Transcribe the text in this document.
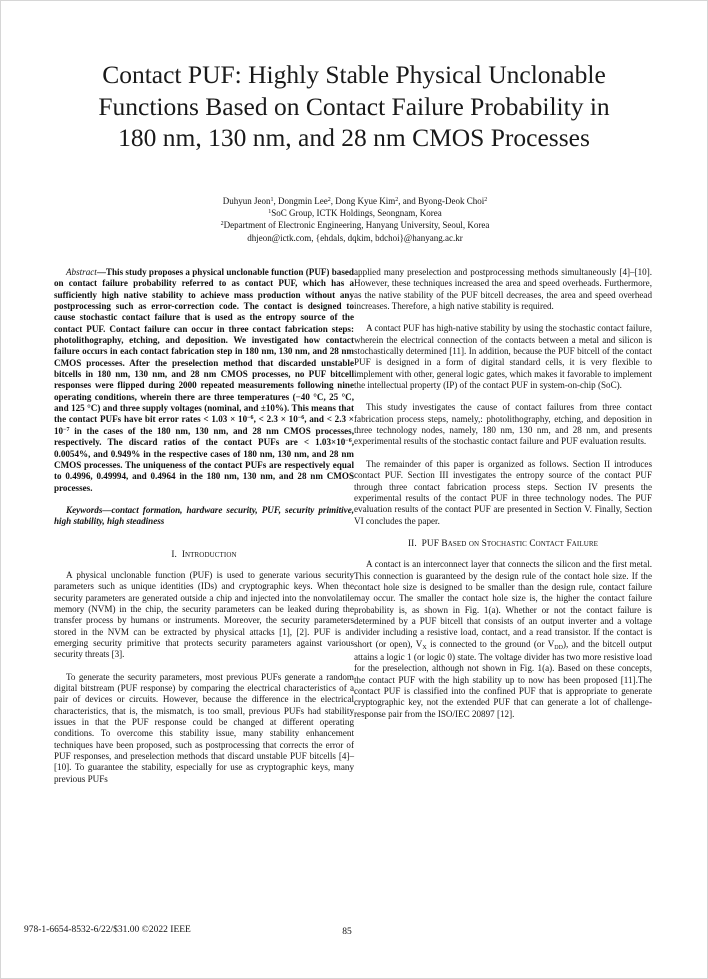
Contact PUF: Highly Stable Physical Unclonable
Functions Based on Contact Failure Probability in
180 nm, 130 nm, and 28 nm CMOS Processes
Duhyun Jeon$^1$, Dongmin Lee$^2$, Dong Kyue Kim$^2$, and Byong-Deok Choi$^2$
$^1$SoC Group, ICTK Holdings, Seongnam, Korea
$^2$Department of Electronic Engineering, Hanyang University, Seoul, Korea
dhjeon@ictk.com, {ehdals, dqkim, bdchoi}@hanyang.ac.kr

Abstract—This study proposes a physical unclonable function (PUF) based on contact failure probability referred to as contact PUF, which has a sufficiently high native stability to achieve mass production without any postprocessing such as error-correction code. The contact is designed to cause stochastic contact failure that is used as the entropy source of the contact PUF. Contact failure can occur in three contact fabrication steps: photolithography, etching, and deposition. We investigated how contact failure occurs in each contact fabrication step in 180 nm, 130 nm, and 28 nm CMOS processes. After the preselection method that discarded unstable bitcells in 180 nm, 130 nm, and 28 nm CMOS processes, no PUF bitcell responses were flipped during 2000 repeated measurements following nine operating conditions, wherein there are three temperatures (−40 °C, 25 °C, and 125 °C) and three supply voltages (nominal, and ±10%). This means that the contact PUFs have bit error rates < $1.03 \times 10^{-6}$, < $2.3 \times 10^{-6}$, and < $2.3 \times 10^{-7}$ in the cases of the 180 nm, 130 nm, and 28 nm CMOS processes, respectively. The discard ratios of the contact PUFs are < $1.03\times 10^{-6}$, 0.0054%, and 0.949% in the respective cases of 180 nm, 130 nm, and 28 nm CMOS processes. The uniqueness of the contact PUFs are respectively equal to 0.4996, 0.49994, and 0.4964 in the 180 nm, 130 nm, and 28 nm CMOS processes.

Keywords—contact formation, hardware security, PUF, security primitive, high stability, high steadiness

I. Introduction

A physical unclonable function (PUF) is used to generate various security parameters such as unique identities (IDs) and cryptographic keys. When the security parameters are generated outside a chip and injected into the nonvolatile memory (NVM) in the chip, the security parameters can be leaked during the transfer process by humans or instruments. Moreover, the security parameters stored in the NVM can be extracted by physical attacks [1], [2]. PUF is an emerging security primitive that protects security parameters against various security threats [3].

To generate the security parameters, most previous PUFs generate a random digital bitstream (PUF response) by comparing the electrical characteristics of a pair of devices or circuits. However, because the difference in the electrical characteristics, that is, the mismatch, is too small, previous PUFs had stability issues in that the PUF response could be changed at different operating conditions. To overcome this stability issue, many stability enhancement techniques have been proposed, such as postprocessing that corrects the error of PUF responses, and preselection methods that discard unstable PUF bitcells [4]–[10]. To guarantee the stability, especially for use as cryptographic keys, many previous PUFs

applied many preselection and postprocessing methods simultaneously [4]–[10]. However, these techniques increased the area and speed overheads. Furthermore, as the native stability of the PUF bitcell decreases, the area and speed overhead increases. Therefore, a high native stability is required.

A contact PUF has high-native stability by using the stochastic contact failure, wherein the electrical connection of the contacts between a metal and silicon is stochastically determined [11]. In addition, because the PUF bitcell of the contact PUF is designed in a form of digital standard cells, it is very flexible to implement with other, general logic gates, which makes it favorable to implement the intellectual property (IP) of the contact PUF in system-on-chip (SoC).

This study investigates the cause of contact failures from three contact fabrication process steps, namely,: photolithography, etching, and deposition in three technology nodes, namely, 180 nm, 130 nm, and 28 nm, and presents experimental results of the stochastic contact failure and PUF evaluation results.

The remainder of this paper is organized as follows. Section II introduces contact PUF. Section III investigates the entropy source of the contact PUF through three contact fabrication process steps. Section IV presents the experimental results of the contact PUF in three technology nodes. The PUF evaluation results of the contact PUF are presented in Section V. Finally, Section VI concludes the paper.

II. PUF Based on Stochastic Contact Failure

A contact is an interconnect layer that connects the silicon and the first metal. This connection is guaranteed by the design rule of the contact hole size. If the contact hole size is designed to be smaller than the design rule, contact failure may occur. The smaller the contact hole size is, the higher the contact failure probability is, as shown in Fig. 1(a). Whether or not the contact failure is determined by a PUF bitcell that consists of an output inverter and a voltage divider including a resistive load, contact, and a read transistor. If the contact is short (or open), $V_X$ is connected to the ground (or $V_{DD}$), and the bitcell output attains a logic 1 (or logic 0) state. The voltage divider has two more resistive load for the preselection, although not shown in Fig. 1(a). Based on these concepts, the contact PUF with the high stability up to now has been proposed [11].The contact PUF is classified into the confined PUF that is appropriate to generate cryptographic key, not the extended PUF that can generate a lot of challenge-response pair from the ISO/IEC 20897 [12].

978-1-6654-8532-6/22/$31.00 ©2022 IEEE	85
